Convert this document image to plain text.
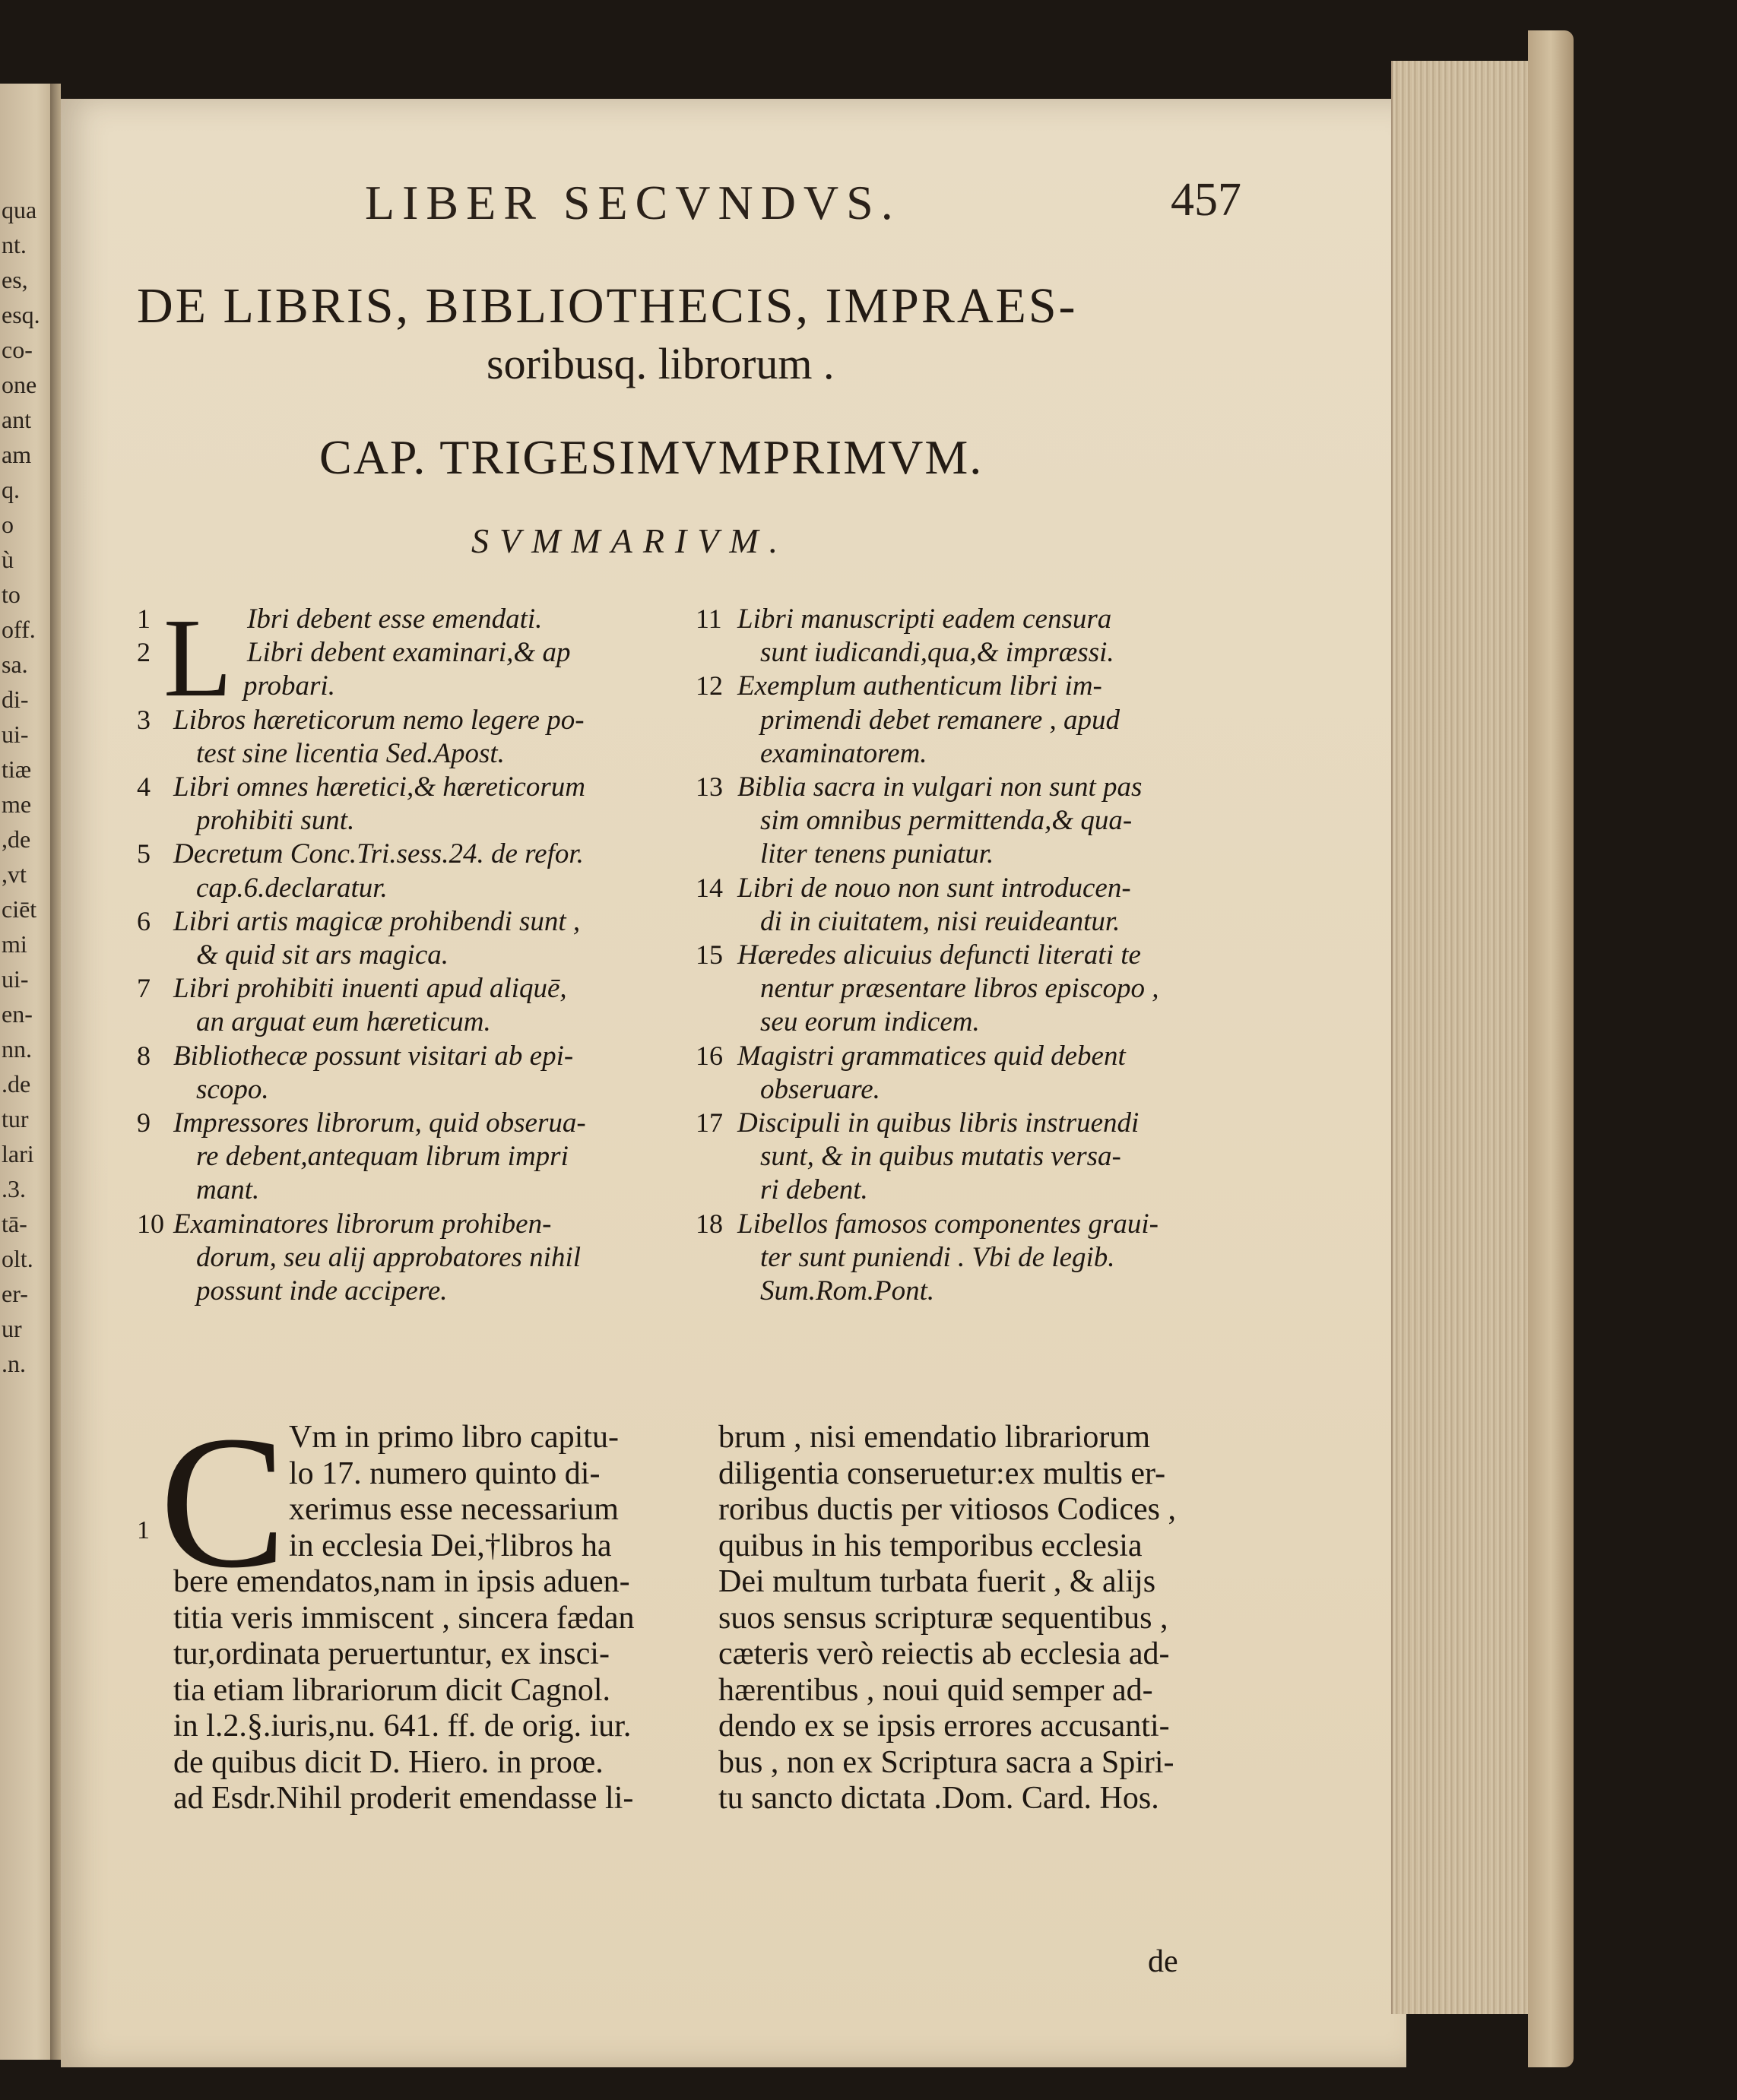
qua
nt.
es,
esq.
co-
one
ant
am
q.
o
ù
to
off.
sa.
di-
ui-
tiæ
me
,de
,vt
ciēt
mi
ui-
en-
nn.
.de
tur
lari
.3.
tā-
olt.
er-
ur
.n.
LIBER SECVNDVS.	457
DE LIBRIS, BIBLIOTHECIS, IMPRAES-
soribusq. librorum .
CAP. TRIGESIMVMPRIMVM.
SVMMARIVM.
L
1	Ibri debent esse emendati.
2	Libri debent examinari,& ap
probari.
3 Libros hæreticorum nemo legere po-
test sine licentia Sed.Apost.
4 Libri omnes hæretici,& hæreticorum
prohibiti sunt.
5 Decretum Conc.Tri.sess.24. de refor.
cap.6.declaratur.
6 Libri artis magicæ prohibendi sunt ,
& quid sit ars magica.
7 Libri prohibiti inuenti apud aliquē,
an arguat eum hæreticum.
8 Bibliothecæ possunt visitari ab epi-
scopo.
9 Impressores librorum, quid obserua-
re debent,antequam librum impri
mant.
10 Examinatores librorum prohiben-
dorum, seu alij approbatores nihil
possunt inde accipere.
11 Libri manuscripti eadem censura
sunt iudicandi,qua,& impræssi.
12 Exemplum authenticum libri im-
primendi debet remanere , apud
examinatorem.
13 Biblia sacra in vulgari non sunt pas
sim omnibus permittenda,& qua-
liter tenens puniatur.
14 Libri de nouo non sunt introducen-
di in ciuitatem, nisi reuideantur.
15 Hæredes alicuius defuncti literati te
nentur præsentare libros episcopo ,
seu eorum indicem.
16 Magistri grammatices quid debent
obseruare.
17 Discipuli in quibus libris instruendi
sunt, & in quibus mutatis versa-
ri debent.
18 Libellos famosos componentes graui-
ter sunt puniendi . Vbi de legib.
Sum.Rom.Pont.
C
1
Vm in primo libro capitu-
lo 17. numero quinto di-
xerimus esse necessarium
in ecclesia Dei,†libros ha
bere emendatos,nam in ipsis aduen-
titia veris immiscent , sincera fædan
tur,ordinata peruertuntur, ex insci-
tia etiam librariorum dicit Cagnol.
in l.2.§.iuris,nu. 641. ff. de orig. iur.
de quibus dicit D. Hiero. in proœ.
ad Esdr.Nihil proderit emendasse li-
brum , nisi emendatio librariorum
diligentia conseruetur:ex multis er-
roribus ductis per vitiosos Codices ,
quibus in his temporibus ecclesia
Dei multum turbata fuerit , & alijs
suos sensus scripturæ sequentibus ,
cæteris verò reiectis ab ecclesia ad-
hærentibus , noui quid semper ad-
dendo ex se ipsis errores accusanti-
bus , non ex Scriptura sacra a Spiri-
tu sancto dictata .Dom. Card. Hos.
de
